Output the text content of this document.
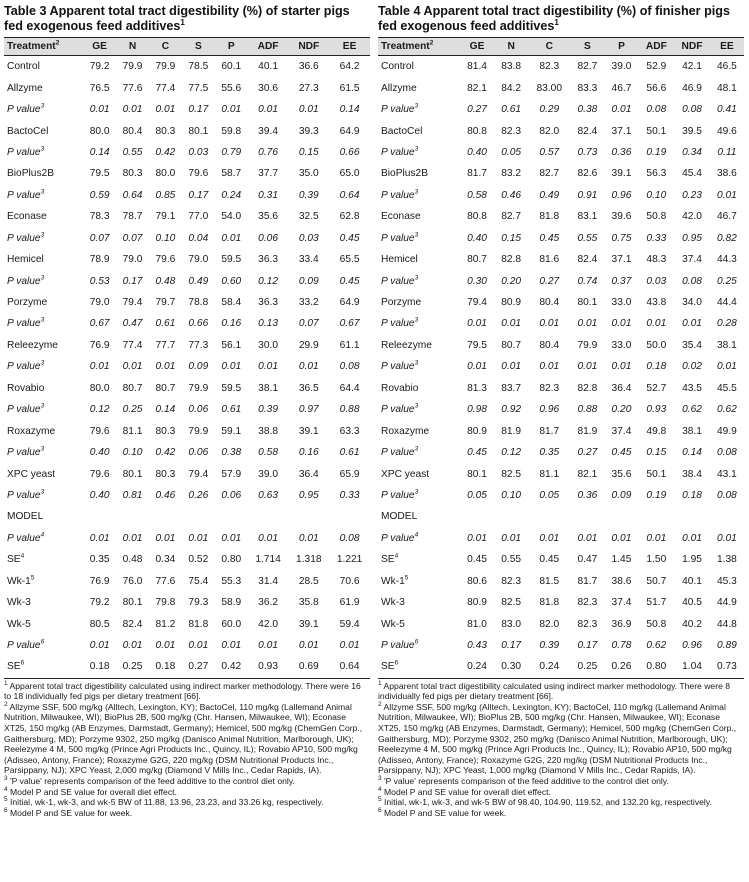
Table 3 Apparent total tract digestibility (%) of starter pigs fed exogenous feed additives$^1$
Treatment$^2$	GE	N	C	S	P	ADF	NDF	EE
Control	79.2	79.9	79.9	78.5	60.1	40.1	36.6	64.2
Allzyme	76.5	77.6	77.4	77.5	55.6	30.6	27.3	61.5
P value$^3$	0.01	0.01	0.01	0.17	0.01	0.01	0.01	0.14
BactoCel	80.0	80.4	80.3	80.1	59.8	39.4	39.3	64.9
P value$^3$	0.14	0.55	0.42	0.03	0.79	0.76	0.15	0.66
BioPlus2B	79.5	80.3	80.0	79.6	58.7	37.7	35.0	65.0
P value$^3$	0.59	0.64	0.85	0.17	0.24	0.31	0.39	0.64
Econase	78.3	78.7	79.1	77.0	54.0	35.6	32.5	62.8
P value$^3$	0.07	0.07	0.10	0.04	0.01	0.06	0.03	0.45
Hemicel	78.9	79.0	79.6	79.0	59.5	36.3	33.4	65.5
P value$^3$	0.53	0.17	0.48	0.49	0.60	0.12	0.09	0.45
Porzyme	79.0	79.4	79.7	78.8	58.4	36.3	33.2	64.9
P value$^3$	0.67	0.47	0.61	0.66	0.16	0.13	0.07	0.67
Releezyme	76.9	77.4	77.7	77.3	56.1	30.0	29.9	61.1
P value$^3$	0.01	0.01	0.01	0.09	0.01	0.01	0.01	0.08
Rovabio	80.0	80.7	80.7	79.9	59.5	38.1	36.5	64.4
P value$^3$	0.12	0.25	0.14	0.06	0.61	0.39	0.97	0.88
Roxazyme	79.6	81.1	80.3	79.9	59.1	38.8	39.1	63.3
P value$^3$	0.40	0.10	0.42	0.06	0.38	0.58	0.16	0.61
XPC yeast	79.6	80.1	80.3	79.4	57.9	39.0	36.4	65.9
P value$^3$	0.40	0.81	0.46	0.26	0.06	0.63	0.95	0.33
MODEL								
P value$^4$	0.01	0.01	0.01	0.01	0.01	0.01	0.01	0.08
$SE^4$	0.35	0.48	0.34	0.52	0.80	1.714	1.318	1.221
$Wk-1^5$	76.9	76.0	77.6	75.4	55.3	31.4	28.5	70.6
Wk-3	79.2	80.1	79.8	79.3	58.9	36.2	35.8	61.9
Wk-5	80.5	82.4	81.2	81.8	60.0	42.0	39.1	59.4
P value$^6$	0.01	0.01	0.01	0.01	0.01	0.01	0.01	0.01
$SE^6$	0.18	0.25	0.18	0.27	0.42	0.93	0.69	0.64
$^1$ Apparent total tract digestibility calculated using indirect marker methodology. There were 16 to 18 individually fed pigs per dietary treatment [66].
$^2$ Allzyme SSF, 500 mg/kg (Alltech, Lexington, KY); BactoCel, 110 mg/kg (Lallemand Animal Nutrition, Milwaukee, WI); BioPlus 2B, 500 mg/kg (Chr. Hansen, Milwaukee, WI); Econase XT25, 150 mg/kg (AB Enzymes, Darmstadt, Germany); Hemicel, 500 mg/kg (ChemGen Corp., Gaithersburg, MD); Porzyme 9302, 250 mg/kg (Danisco Animal Nutrition, Marlborough, UK); Reelezyme 4 M, 500 mg/kg (Prince Agri Products Inc., Quincy, IL); Rovabio AP10, 500 mg/kg (Adisseo, Antony, France); Roxazyme G2G, 220 mg/kg (DSM Nutritional Products Inc., Parsippany, NJ); XPC Yeast, 2,000 mg/kg (Diamond V Mills Inc., Cedar Rapids, IA).
$^3$ 'P value' represents comparison of the feed additive to the control diet only.
$^4$ Model P and SE value for overall diet effect.
$^5$ Initial, wk-1, wk-3, and wk-5 BW of 11.88, 13.96, 23.23, and 33.26 kg, respectively.
$^6$ Model P and SE value for week.
Table 4 Apparent total tract digestibility (%) of finisher pigs fed exogenous feed additives$^1$
Treatment$^2$	GE	N	C	S	P	ADF	NDF	EE
Control	81.4	83.8	82.3	82.7	39.0	52.9	42.1	46.5
Allzyme	82.1	84.2	83.00	83.3	46.7	56.6	46.9	48.1
P value$^3$	0.27	0.61	0.29	0.38	0.01	0.08	0.08	0.41
BactoCel	80.8	82.3	82.0	82.4	37.1	50.1	39.5	49.6
P value$^3$	0.40	0.05	0.57	0.73	0.36	0.19	0.34	0.11
BioPlus2B	81.7	83.2	82.7	82.6	39.1	56.3	45.4	38.6
P value$^3$	0.58	0.46	0.49	0.91	0.96	0.10	0.23	0.01
Econase	80.8	82.7	81.8	83.1	39.6	50.8	42.0	46.7
P value$^3$	0.40	0.15	0.45	0.55	0.75	0.33	0.95	0.82
Hemicel	80.7	82.8	81.6	82.4	37.1	48.3	37.4	44.3
P value$^3$	0.30	0.20	0.27	0.74	0.37	0.03	0.08	0.25
Porzyme	79.4	80.9	80.4	80.1	33.0	43.8	34.0	44.4
P value$^3$	0.01	0.01	0.01	0.01	0.01	0.01	0.01	0.28
Releezyme	79.5	80.7	80.4	79.9	33.0	50.0	35.4	38.1
P value$^3$	0.01	0.01	0.01	0.01	0.01	0.18	0.02	0.01
Rovabio	81.3	83.7	82.3	82.8	36.4	52.7	43.5	45.5
P value$^3$	0.98	0.92	0.96	0.88	0.20	0.93	0.62	0.62
Roxazyme	80.9	81.9	81.7	81.9	37.4	49.8	38.1	49.9
P value$^3$	0.45	0.12	0.35	0.27	0.45	0.15	0.14	0.08
XPC yeast	80.1	82.5	81.1	82.1	35.6	50.1	38.4	43.1
P value$^3$	0.05	0.10	0.05	0.36	0.09	0.19	0.18	0.08
MODEL								
P value$^4$	0.01	0.01	0.01	0.01	0.01	0.01	0.01	0.01
$SE^4$	0.45	0.55	0.45	0.47	1.45	1.50	1.95	1.38
$Wk-1^5$	80.6	82.3	81.5	81.7	38.6	50.7	40.1	45.3
Wk-3	80.9	82.5	81.8	82.3	37.4	51.7	40.5	44.9
Wk-5	81.0	83.0	82.0	82.3	36.9	50.8	40.2	44.8
P value$^6$	0.43	0.17	0.39	0.17	0.78	0.62	0.96	0.89
$SE^6$	0.24	0.30	0.24	0.25	0.26	0.80	1.04	0.73
$^1$ Apparent total tract digestibility calculated using indirect marker methodology. There were 8 individually fed pigs per dietary treatment [66].
$^2$ Allzyme SSF, 500 mg/kg (Alltech, Lexington, KY); BactoCel, 110 mg/kg (Lallemand Animal Nutrition, Milwaukee, WI); BioPlus 2B, 500 mg/kg (Chr. Hansen, Milwaukee, WI); Econase XT25, 150 mg/kg (AB Enzymes, Darmstadt, Germany); Hemicel, 500 mg/kg (ChemGen Corp., Gaithersburg, MD); Porzyme 9302, 250 mg/kg (Danisco Animal Nutrition, Marlborough, UK); Reelezyme 4 M, 500 mg/kg (Prince Agri Products Inc., Quincy, IL); Rovabio AP10, 500 mg/kg (Adisseo, Antony, France); Roxazyme G2G, 220 mg/kg (DSM Nutritional Products Inc., Parsippany, NJ); XPC Yeast, 1,000 mg/kg (Diamond V Mills Inc., Cedar Rapids, IA).
$^3$ 'P value' represents comparison of the feed additive to the control diet only.
$^4$ Model P and SE value for overall diet effect.
$^5$ Initial, wk-1, wk-3, and wk-5 BW of 98.40, 104.90, 119.52, and 132.20 kg, respectively.
$^6$ Model P and SE value for week.
